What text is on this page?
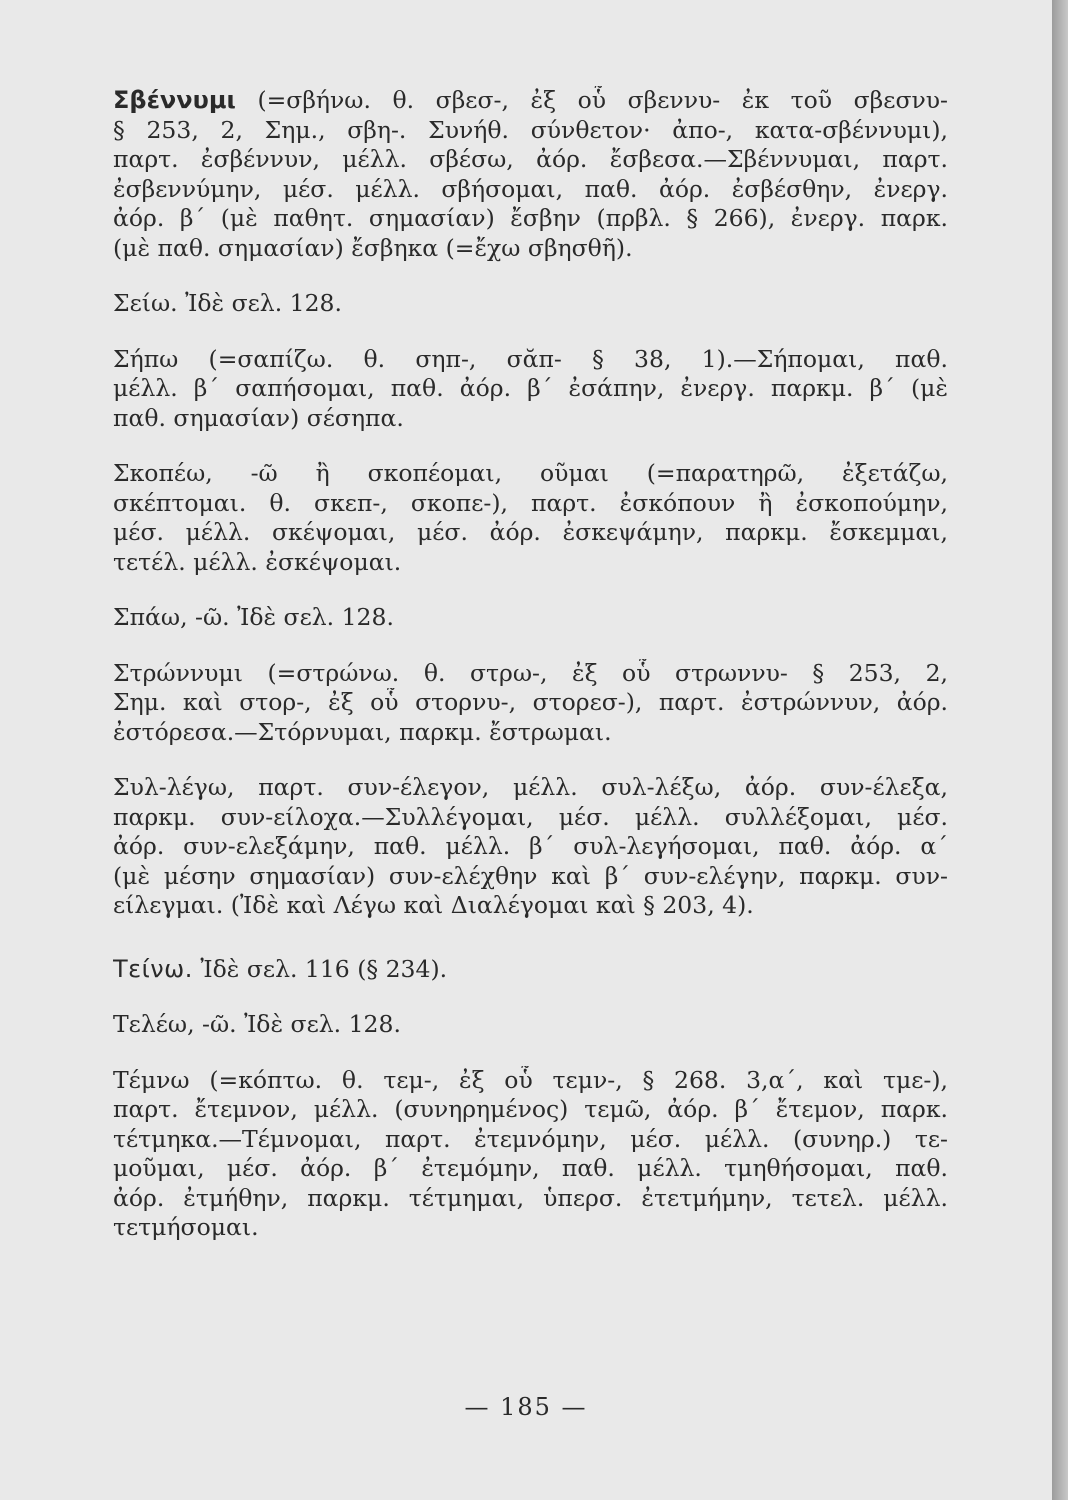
Σβέννυμι (=σβήνω. θ. σβεσ-, ἐξ οὗ σβεννυ- ἐκ τοῦ σβεσνυ-
§ 253, 2, Σημ., σβη-. Συνήθ. σύνθετον· ἀπο-, κατα-σβέννυμι),
παρτ. ἐσβέννυν, μέλλ. σβέσω, ἀόρ. ἔσβεσα.—Σβέννυμαι, παρτ.
ἐσβεννύμην, μέσ. μέλλ. σβήσομαι, παθ. ἀόρ. ἐσβέσθην, ἐνεργ.
ἀόρ. β΄ (μὲ παθητ. σημασίαν) ἔσβην (πρβλ. § 266), ἐνεργ. παρκ.
(μὲ παθ. σημασίαν) ἔσβηκα (=ἔχω σβησθῆ).
Σείω. Ἰδὲ σελ. 128.
Σήπω (=σαπίζω. θ. σηπ-, σᾰπ- § 38, 1).—Σήπομαι, παθ.
μέλλ. β΄ σαπήσομαι, παθ. ἀόρ. β΄ ἐσάπην, ἐνεργ. παρκμ. β΄ (μὲ
παθ. σημασίαν) σέσηπα.
Σκοπέω, -ῶ ἢ σκοπέομαι, οῦμαι (=παρατηρῶ, ἐξετάζω,
σκέπτομαι. θ. σκεπ-, σκοπε-), παρτ. ἐσκόπουν ἢ ἐσκοπούμην,
μέσ. μέλλ. σκέψομαι, μέσ. ἀόρ. ἐσκεψάμην, παρκμ. ἔσκεμμαι,
τετέλ. μέλλ. ἐσκέψομαι.
Σπάω, -ῶ. Ἰδὲ σελ. 128.
Στρώννυμι (=στρώνω. θ. στρω-, ἐξ οὗ στρωννυ- § 253, 2,
Σημ. καὶ στορ-, ἐξ οὗ στορνυ-, στορεσ-), παρτ. ἐστρώννυν, ἀόρ.
ἐστόρεσα.—Στόρνυμαι, παρκμ. ἔστρωμαι.
Συλ-λέγω, παρτ. συν-έλεγον, μέλλ. συλ-λέξω, ἀόρ. συν-έλεξα,
παρκμ. συν-είλοχα.—Συλλέγομαι, μέσ. μέλλ. συλλέξομαι, μέσ.
ἀόρ. συν-ελεξάμην, παθ. μέλλ. β΄ συλ-λεγήσομαι, παθ. ἀόρ. α΄
(μὲ μέσην σημασίαν) συν-ελέχθην καὶ β΄ συν-ελέγην, παρκμ. συν-
είλεγμαι. (Ἰδὲ καὶ Λέγω καὶ Διαλέγομαι καὶ § 203, 4).
Τείνω. Ἰδὲ σελ. 116 (§ 234).
Τελέω, -ῶ. Ἰδὲ σελ. 128.
Τέμνω (=κόπτω. θ. τεμ-, ἐξ οὗ τεμν-, § 268. 3,α΄, καὶ τμε-),
παρτ. ἔτεμνον, μέλλ. (συνηρημένος) τεμῶ, ἀόρ. β΄ ἔτεμον, παρκ.
τέτμηκα.—Τέμνομαι, παρτ. ἐτεμνόμην, μέσ. μέλλ. (συνηρ.) τε-
μοῦμαι, μέσ. ἀόρ. β΄ ἐτεμόμην, παθ. μέλλ. τμηθήσομαι, παθ.
ἀόρ. ἐτμήθην, παρκμ. τέτμημαι, ὑπερσ. ἐτετμήμην, τετελ. μέλλ.
τετμήσομαι.
— 185 —
